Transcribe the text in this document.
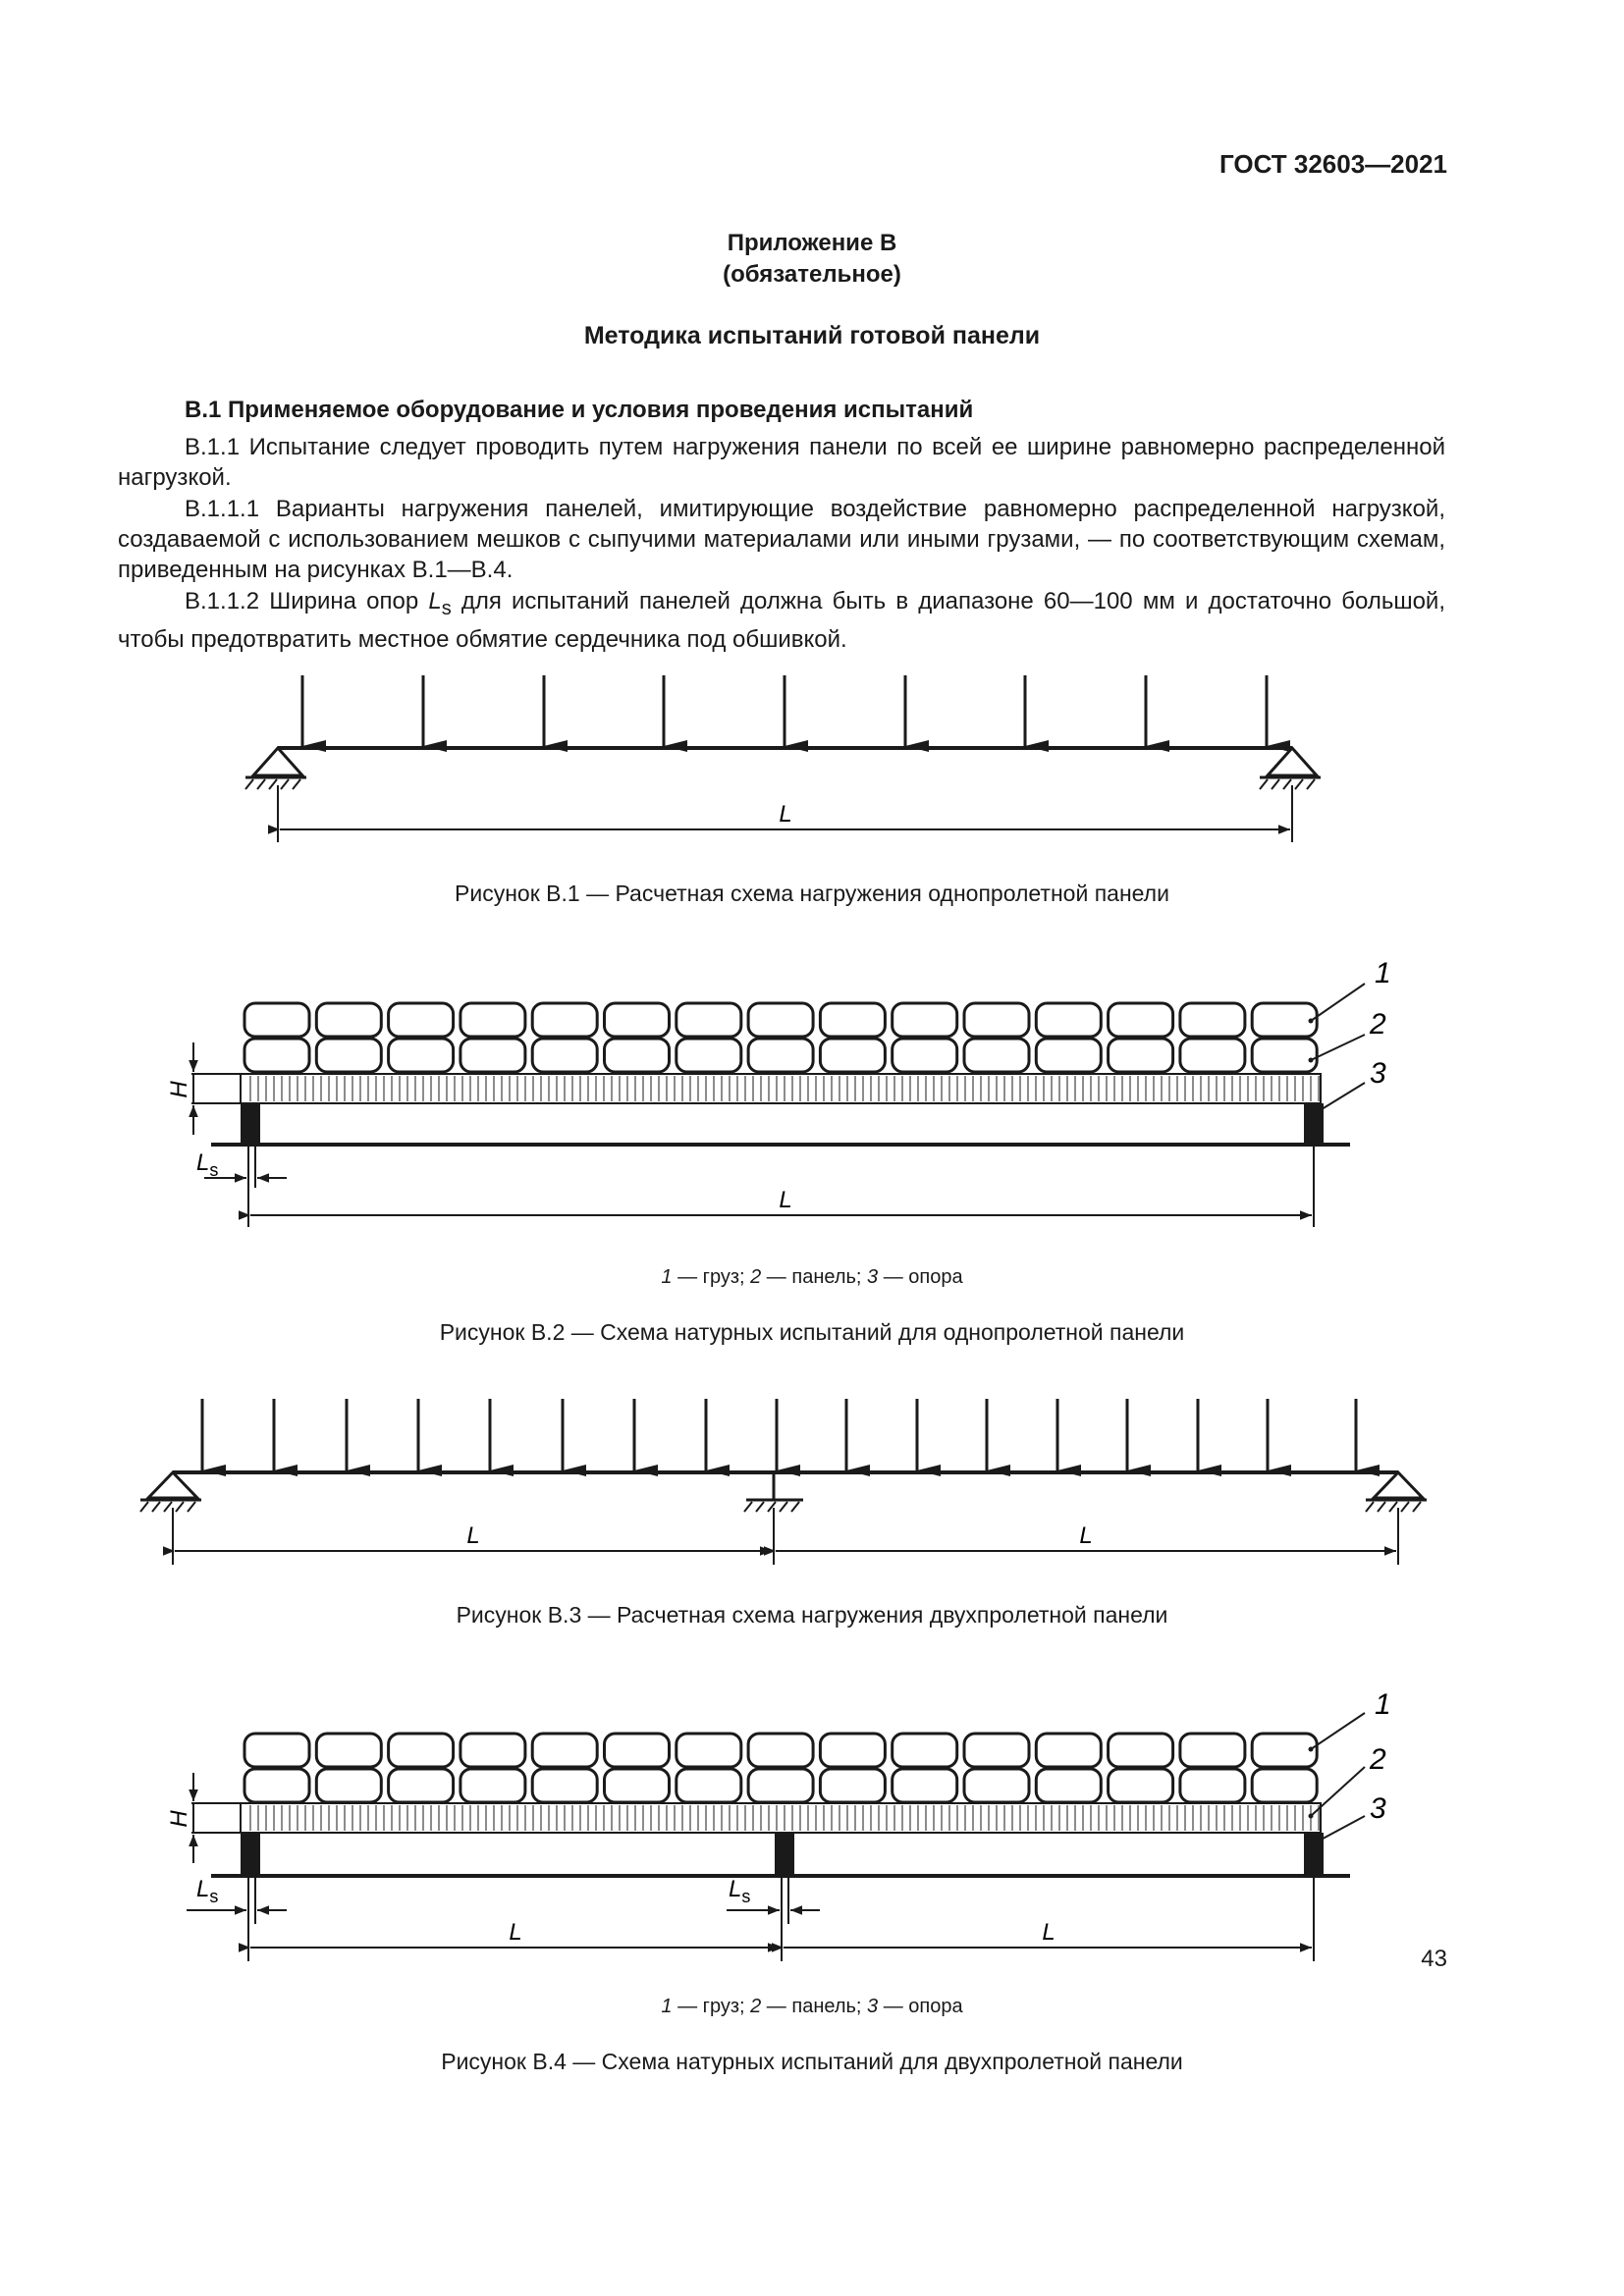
ГОСТ 32603—2021
Приложение В
(обязательное)
Методика испытаний готовой панели
В.1 Применяемое оборудование и условия проведения испытаний
В.1.1 Испытание следует проводить путем нагружения панели по всей ее ширине равномерно распределенной нагрузкой.
В.1.1.1 Варианты нагружения панелей, имитирующие воздействие равномерно распределенной нагрузкой, создаваемой с использованием мешков с сыпучими материалами или иными грузами, — по соответствующим схемам, приведенным на рисунках В.1—В.4.
В.1.1.2 Ширина опор $L_s$ для испытаний панелей должна быть в диапазоне 60—100 мм и достаточно большой, чтобы предотвратить местное обмятие сердечника под обшивкой.
L
Рисунок В.1 — Расчетная схема нагружения однопролетной панели
H
$L_s$
L
1
2
3
1 — груз; 2 — панель; 3 — опора
Рисунок В.2 — Схема натурных испытаний для однопролетной панели
L	L
Рисунок В.3 — Расчетная схема нагружения двухпролетной панели
H
$L_s$	$L_s$
L	L
1
2
3
1 — груз; 2 — панель; 3 — опора
Рисунок В.4 — Схема натурных испытаний для двухпролетной панели
43
